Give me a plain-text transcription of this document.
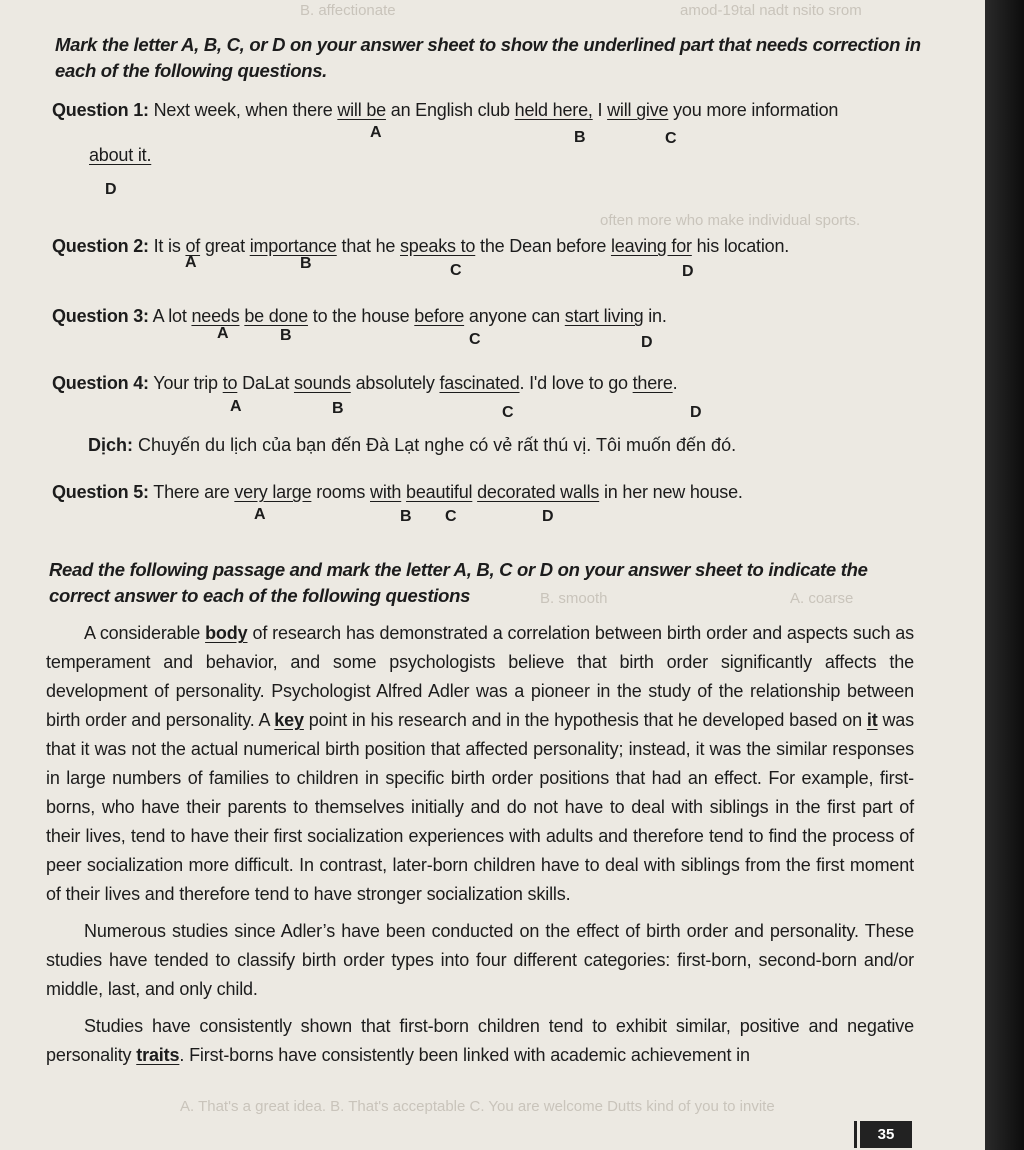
B. affectionate	amod-19tal nadt nsito srom
often more who make individual sports.
B. smooth	A. coarse
A. That's a great idea. B. That's acceptable C. You are welcome Dutts kind of you to invite
Mark the letter A, B, C, or D on your answer sheet to show the underlined part that needs correction in each of the following questions.
Question 1: Next week, when there will be an English club held here, I will give you more information
A	B	C
about it.
D
Question 2: It is of great importance that he speaks to the Dean before leaving for his location.
A	B	C	D
Question 3: A lot needs be done to the house before anyone can start living in.
A	B	C	D
Question 4: Your trip to DaLat sounds absolutely fascinated. I'd love to go there.
A	B	C	D
Dịch: Chuyến du lịch của bạn đến Đà Lạt nghe có vẻ rất thú vị. Tôi muốn đến đó.
Question 5: There are very large rooms with beautiful decorated walls in her new house.
A	B C	D
Read the following passage and mark the letter A, B, C or D on your answer sheet to indicate the correct answer to each of the following questions

A considerable body of research has demonstrated a correlation between birth order and aspects such as temperament and behavior, and some psychologists believe that birth order significantly affects the development of personality. Psychologist Alfred Adler was a pioneer in the study of the relationship between birth order and personality. A key point in his research and in the hypothesis that he developed based on it was that it was not the actual numerical birth position that affected personality; instead, it was the similar responses in large numbers of families to children in specific birth order positions that had an effect. For example, first-borns, who have their parents to themselves initially and do not have to deal with siblings in the first part of their lives, tend to have their first socialization experiences with adults and therefore tend to find the process of peer socialization more difficult. In contrast, later-born children have to deal with siblings from the first moment of their lives and therefore tend to have stronger socialization skills.

Numerous studies since Adler’s have been conducted on the effect of birth order and personality. These studies have tended to classify birth order types into four different categories: first-born, second-born and/or middle, last, and only child.

Studies have consistently shown that first-born children tend to exhibit similar, positive and negative personality traits. First-borns have consistently been linked with academic achievement in

35
